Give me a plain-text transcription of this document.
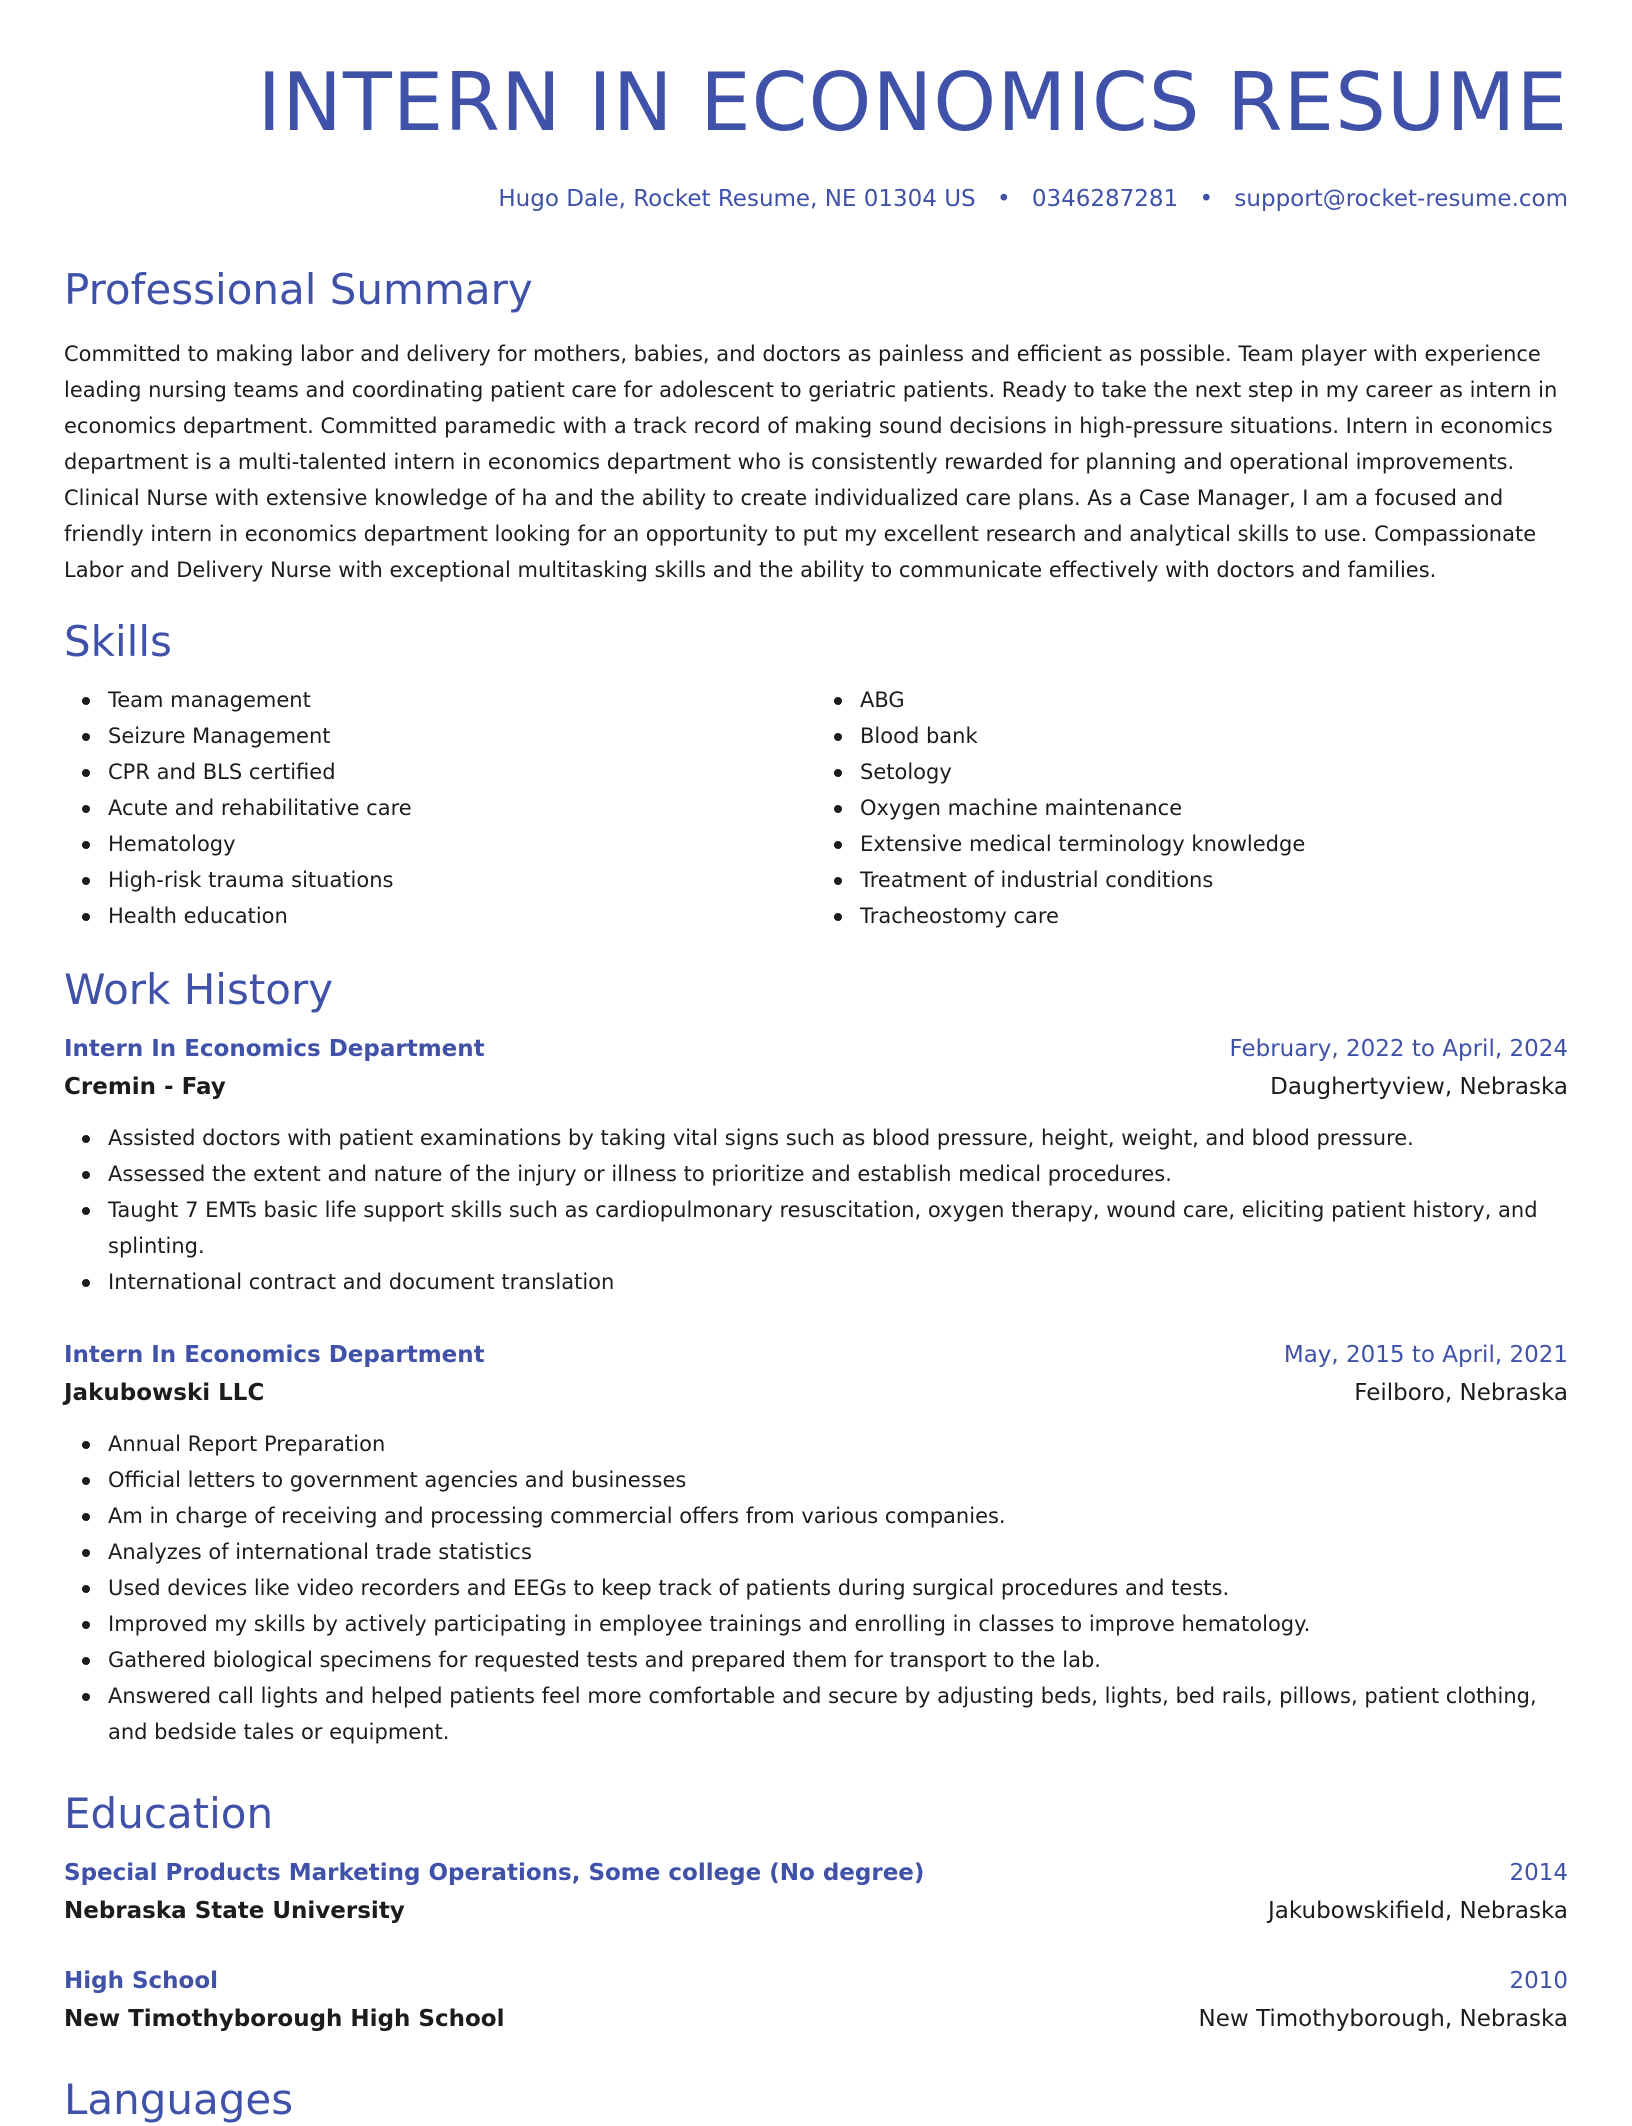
INTERN IN ECONOMICS RESUME
Hugo Dale, Rocket Resume, NE 01304 US • 0346287281 • support@rocket-resume.com
Professional Summary
Committed to making labor and delivery for mothers, babies, and doctors as painless and efficient as possible. Team player with experience leading nursing teams and coordinating patient care for adolescent to geriatric patients. Ready to take the next step in my career as intern in economics department. Committed paramedic with a track record of making sound decisions in high-pressure situations. Intern in economics department is a multi-talented intern in economics department who is consistently rewarded for planning and operational improvements. Clinical Nurse with extensive knowledge of ha and the ability to create individualized care plans. As a Case Manager, I am a focused and friendly intern in economics department looking for an opportunity to put my excellent research and analytical skills to use. Compassionate Labor and Delivery Nurse with exceptional multitasking skills and the ability to communicate effectively with doctors and families.
Skills
Team management
Seizure Management
CPR and BLS certified
Acute and rehabilitative care
Hematology
High-risk trauma situations
Health education
ABG
Blood bank
Setology
Oxygen machine maintenance
Extensive medical terminology knowledge
Treatment of industrial conditions
Tracheostomy care
Work History
Intern In Economics Department	February, 2022 to April, 2024
Cremin - Fay	Daughertyview, Nebraska
Assisted doctors with patient examinations by taking vital signs such as blood pressure, height, weight, and blood pressure.
Assessed the extent and nature of the injury or illness to prioritize and establish medical procedures.
Taught 7 EMTs basic life support skills such as cardiopulmonary resuscitation, oxygen therapy, wound care, eliciting patient history, and splinting.
International contract and document translation
Intern In Economics Department	May, 2015 to April, 2021
Jakubowski LLC	Feilboro, Nebraska
Annual Report Preparation
Official letters to government agencies and businesses
Am in charge of receiving and processing commercial offers from various companies.
Analyzes of international trade statistics
Used devices like video recorders and EEGs to keep track of patients during surgical procedures and tests.
Improved my skills by actively participating in employee trainings and enrolling in classes to improve hematology.
Gathered biological specimens for requested tests and prepared them for transport to the lab.
Answered call lights and helped patients feel more comfortable and secure by adjusting beds, lights, bed rails, pillows, patient clothing, and bedside tales or equipment.
Education
Special Products Marketing Operations, Some college (No degree)	2014
Nebraska State University	Jakubowskifield, Nebraska
High School	2010
New Timothyborough High School	New Timothyborough, Nebraska
Languages
